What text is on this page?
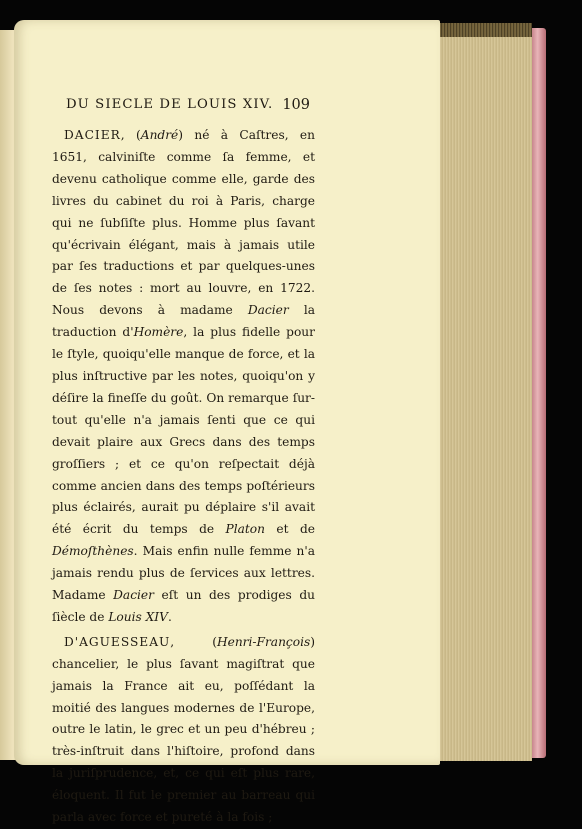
DU SIECLE DE LOUIS XIV. 109

DACIER, (André) né à Caſtres, en 1651, calviniſte comme ſa femme, et devenu catholique comme elle, garde des livres du cabinet du roi à Paris, charge qui ne ſubſiſte plus. Homme plus ſavant qu'écrivain élégant, mais à jamais utile par ſes traductions et par quelques-unes de ſes notes : mort au louvre, en 1722. Nous devons à madame Dacier la traduction d'Homère, la plus fidelle pour le ſtyle, quoiqu'elle manque de force, et la plus inſtructive par les notes, quoiqu'on y déſire la fineſſe du goût. On remarque ſur-tout qu'elle n'a jamais ſenti que ce qui devait plaire aux Grecs dans des temps groſſiers ; et ce qu'on reſpectait déjà comme ancien dans des temps poſtérieurs plus éclairés, aurait pu déplaire s'il avait été écrit du temps de Platon et de Démoſthènes. Mais enfin nulle femme n'a jamais rendu plus de ſervices aux lettres. Madame Dacier eſt un des prodiges du ſiècle de Louis XIV.

D'AGUESSEAU, (Henri-François) chancelier, le plus ſavant magiſtrat que jamais la France ait eu, poſſédant la moitié des langues modernes de l'Europe, outre le latin, le grec et un peu d'hébreu ; très-inſtruit dans l'hiſtoire, profond dans la juriſprudence, et, ce qui eſt plus rare, éloquent. Il fut le premier au barreau qui parla avec force et pureté à la fois ;
